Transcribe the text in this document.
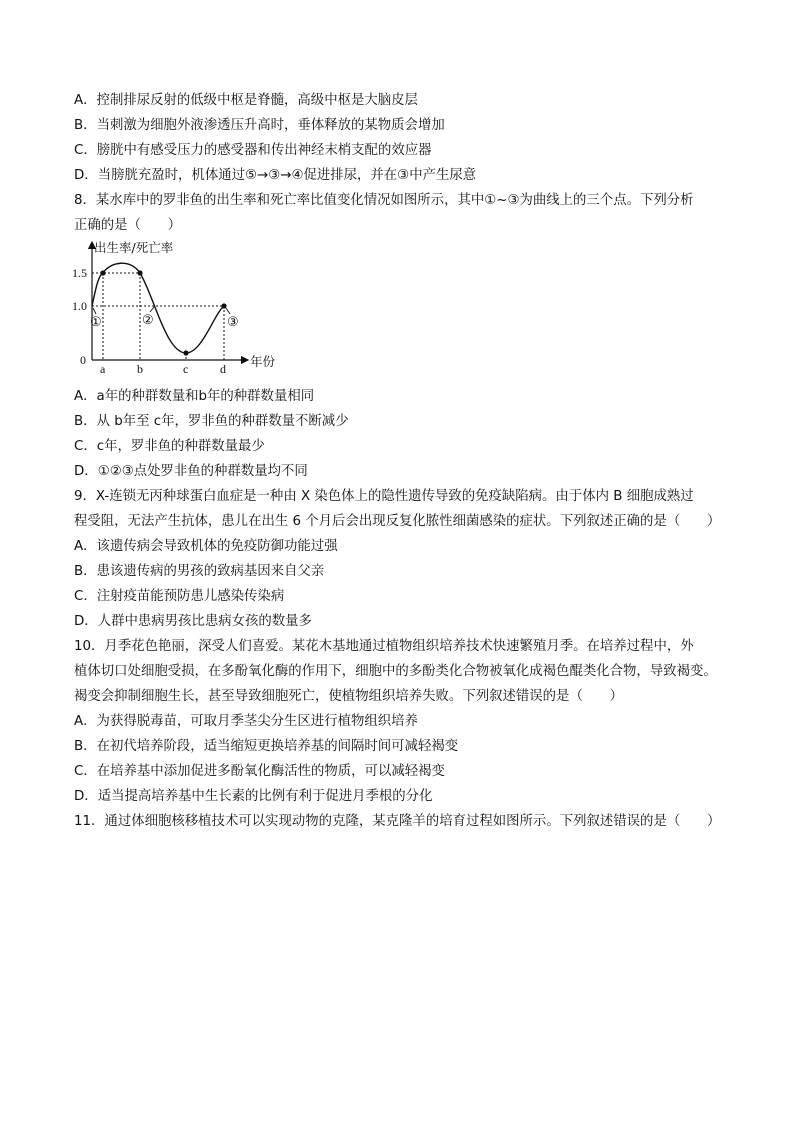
A．控制排尿反射的低级中枢是脊髓，高级中枢是大脑皮层
B．当刺激为细胞外液渗透压升高时，垂体释放的某物质会增加
C．膀胱中有感受压力的感受器和传出神经末梢支配的效应器
D．当膀胱充盈时，机体通过⑤→③→④促进排尿，并在③中产生尿意
8．某水库中的罗非鱼的出生率和死亡率比值变化情况如图所示，其中①~③为曲线上的三个点。下列分析
正确的是（　　）
出生率/死亡率
年份
0
1.0
1.5
a	b	c	d
①	②	③
A．a年的种群数量和b年的种群数量相同
B．从 b年至 c年，罗非鱼的种群数量不断减少
C．c年，罗非鱼的种群数量最少
D．①②③点处罗非鱼的种群数量均不同
9．X-连锁无丙种球蛋白血症是一种由 X 染色体上的隐性遗传导致的免疫缺陷病。由于体内 B 细胞成熟过
程受阻，无法产生抗体，患儿在出生 6 个月后会出现反复化脓性细菌感染的症状。下列叙述正确的是（　　）
A．该遗传病会导致机体的免疫防御功能过强
B．患该遗传病的男孩的致病基因来自父亲
C．注射疫苗能预防患儿感染传染病
D．人群中患病男孩比患病女孩的数量多
10．月季花色艳丽，深受人们喜爱。某花木基地通过植物组织培养技术快速繁殖月季。在培养过程中，外
植体切口处细胞受损，在多酚氧化酶的作用下，细胞中的多酚类化合物被氧化成褐色醌类化合物，导致褐变。
褐变会抑制细胞生长，甚至导致细胞死亡，使植物组织培养失败。下列叙述错误的是（　　）
A．为获得脱毒苗，可取月季茎尖分生区进行植物组织培养
B．在初代培养阶段，适当缩短更换培养基的间隔时间可减轻褐变
C．在培养基中添加促进多酚氧化酶活性的物质，可以减轻褐变
D．适当提高培养基中生长素的比例有利于促进月季根的分化
11．通过体细胞核移植技术可以实现动物的克隆，某克隆羊的培育过程如图所示。下列叙述错误的是（　　）
